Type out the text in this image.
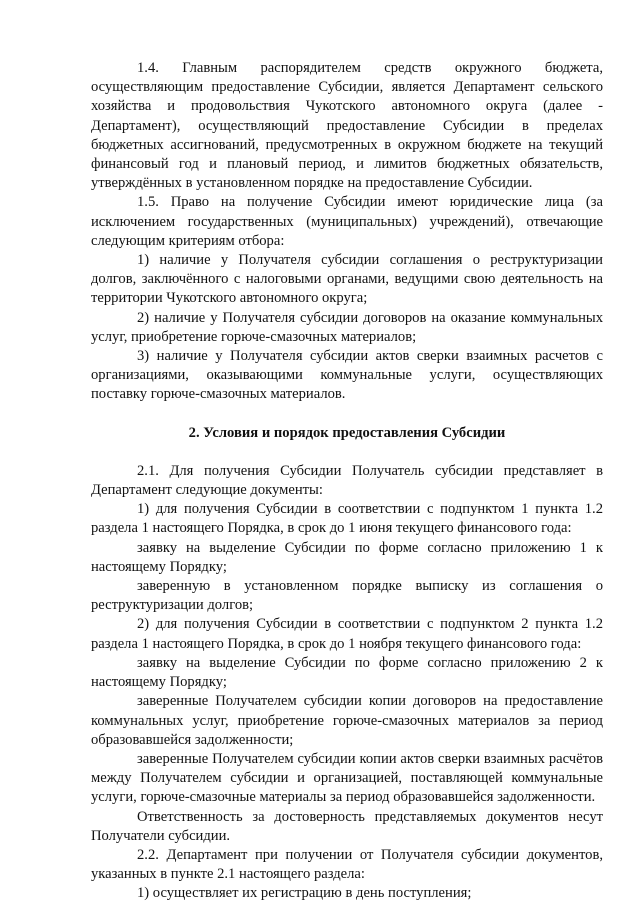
1.4. Главным распорядителем средств окружного бюджета, осуществляющим предоставление Субсидии, является Департамент сельского хозяйства и продовольствия Чукотского автономного округа (далее - Департамент), осуществляющий предоставление Субсидии в пределах бюджетных ассигнований, предусмотренных в окружном бюджете на текущий финансовый год и плановый период, и лимитов бюджетных обязательств, утверждённых в установленном порядке на предоставление Субсидии.

1.5. Право на получение Субсидии имеют юридические лица (за исключением государственных (муниципальных) учреждений), отвечающие следующим критериям отбора:

1) наличие у Получателя субсидии соглашения о реструктуризации долгов, заключённого с налоговыми органами, ведущими свою деятельность на территории Чукотского автономного округа;

2) наличие у Получателя субсидии договоров на оказание коммунальных услуг, приобретение горюче-смазочных материалов;

3) наличие у Получателя субсидии актов сверки взаимных расчетов с организациями, оказывающими коммунальные услуги, осуществляющих поставку горюче-смазочных материалов.

2. Условия и порядок предоставления Субсидии

2.1. Для получения Субсидии Получатель субсидии представляет в Департамент следующие документы:

1) для получения Субсидии в соответствии с подпунктом 1 пункта 1.2 раздела 1 настоящего Порядка, в срок до 1 июня текущего финансового года:

заявку на выделение Субсидии по форме согласно приложению 1 к настоящему Порядку;

заверенную в установленном порядке выписку из соглашения о реструктуризации долгов;

2) для получения Субсидии в соответствии с подпунктом 2 пункта 1.2 раздела 1 настоящего Порядка, в срок до 1 ноября текущего финансового года:

заявку на выделение Субсидии по форме согласно приложению 2 к настоящему Порядку;

заверенные Получателем субсидии копии договоров на предоставление коммунальных услуг, приобретение горюче-смазочных материалов за период образовавшейся задолженности;

заверенные Получателем субсидии копии актов сверки взаимных расчётов между Получателем субсидии и организацией, поставляющей коммунальные услуги, горюче-смазочные материалы за период образовавшейся задолженности.

Ответственность за достоверность представляемых документов несут Получатели субсидии.

2.2. Департамент при получении от Получателя субсидии документов, указанных в пункте 2.1 настоящего раздела:

1) осуществляет их регистрацию в день поступления;
